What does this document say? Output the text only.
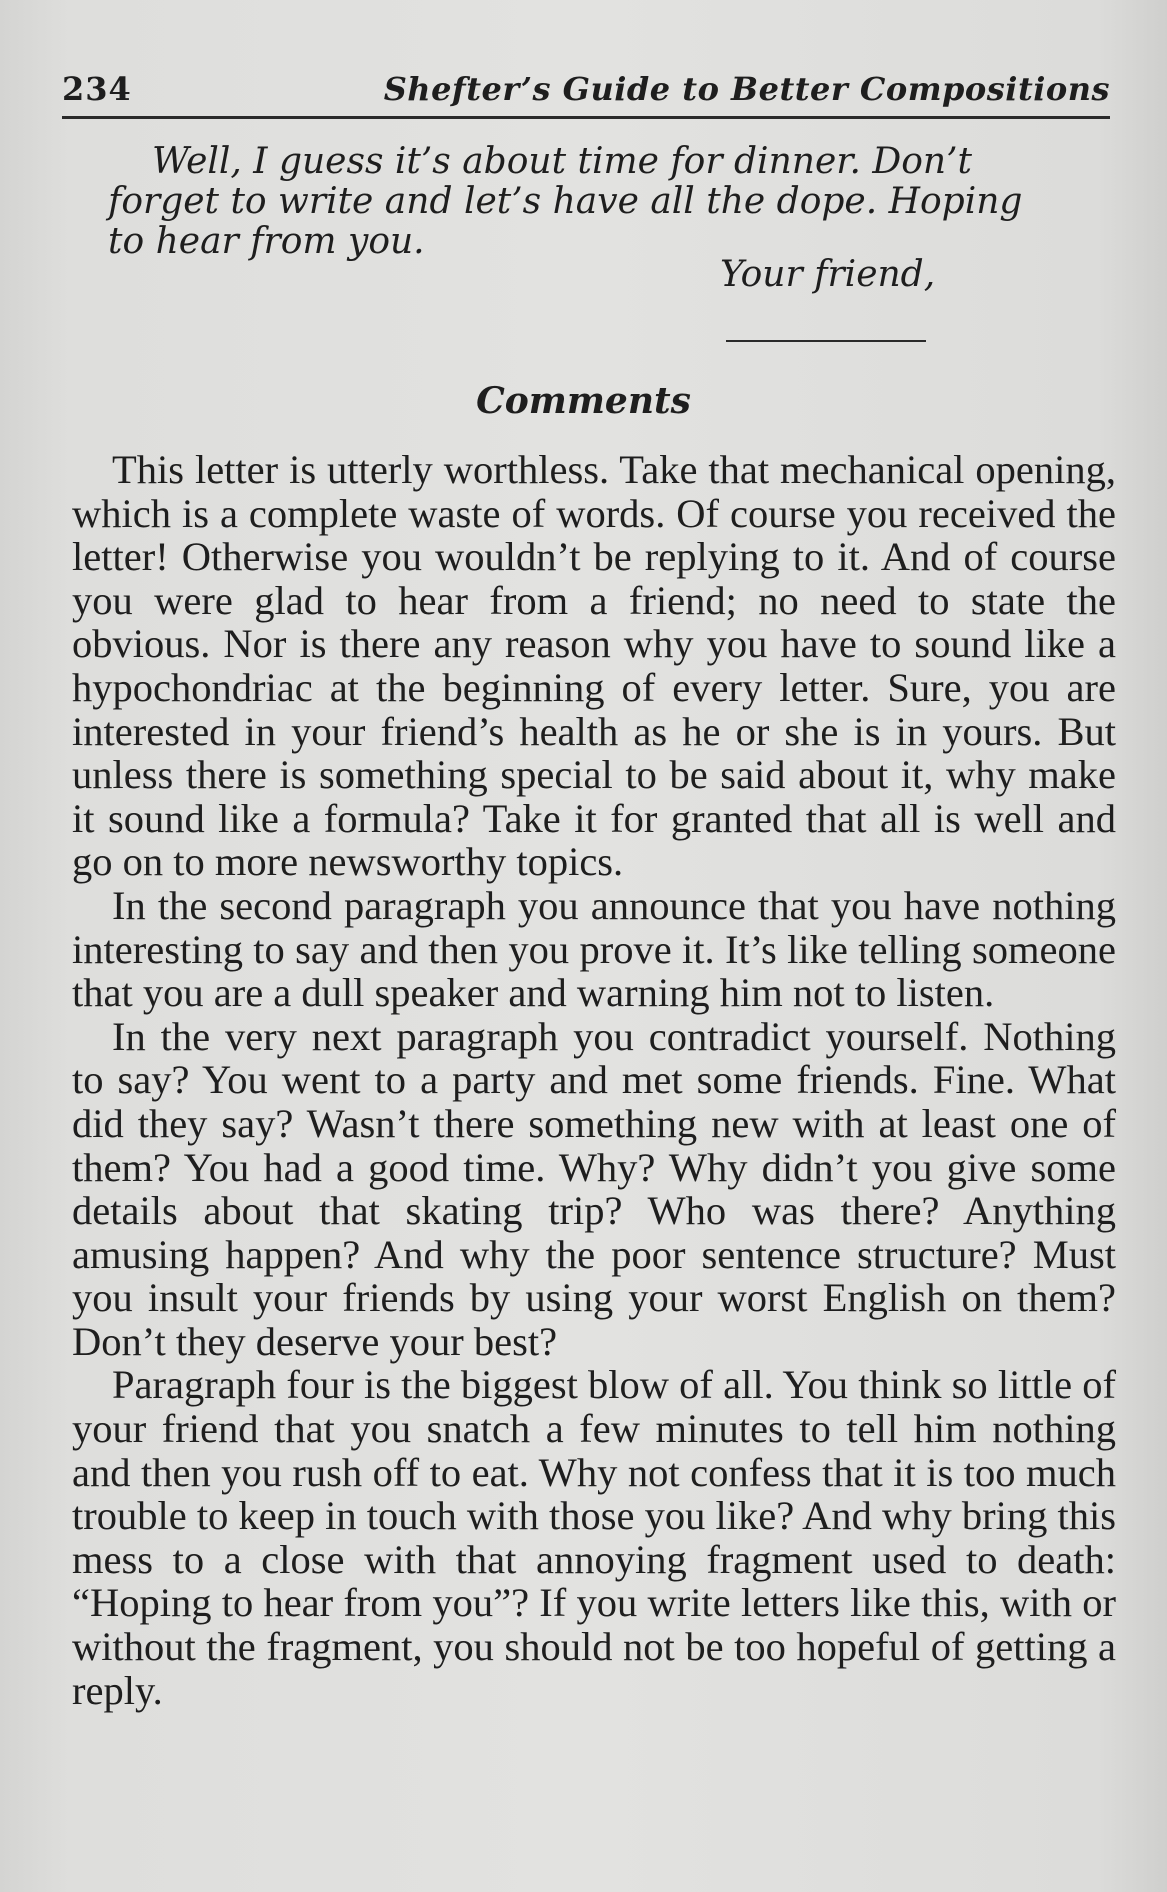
234	Shefter’s Guide to Better Compositions

Well, I guess it’s about time for dinner. Don’t forget to write and let’s have all the dope. Hoping to hear from you.

Your friend,
Comments

This letter is utterly worthless. Take that mechanical opening, which is a complete waste of words. Of course you received the letter! Otherwise you wouldn’t be replying to it. And of course you were glad to hear from a friend; no need to state the obvious. Nor is there any reason why you have to sound like a hypochondriac at the beginning of every letter. Sure, you are interested in your friend’s health as he or she is in yours. But unless there is something special to be said about it, why make it sound like a formula? Take it for granted that all is well and go on to more newsworthy topics.

In the second paragraph you announce that you have nothing interesting to say and then you prove it. It’s like telling someone that you are a dull speaker and warning him not to listen.

In the very next paragraph you contradict yourself. Nothing to say? You went to a party and met some friends. Fine. What did they say? Wasn’t there something new with at least one of them? You had a good time. Why? Why didn’t you give some details about that skating trip? Who was there? Anything amusing happen? And why the poor sentence structure? Must you insult your friends by using your worst English on them? Don’t they deserve your best?

Paragraph four is the biggest blow of all. You think so little of your friend that you snatch a few minutes to tell him nothing and then you rush off to eat. Why not confess that it is too much trouble to keep in touch with those you like? And why bring this mess to a close with that annoying fragment used to death: “Hoping to hear from you”? If you write letters like this, with or without the fragment, you should not be too hopeful of getting a reply.
